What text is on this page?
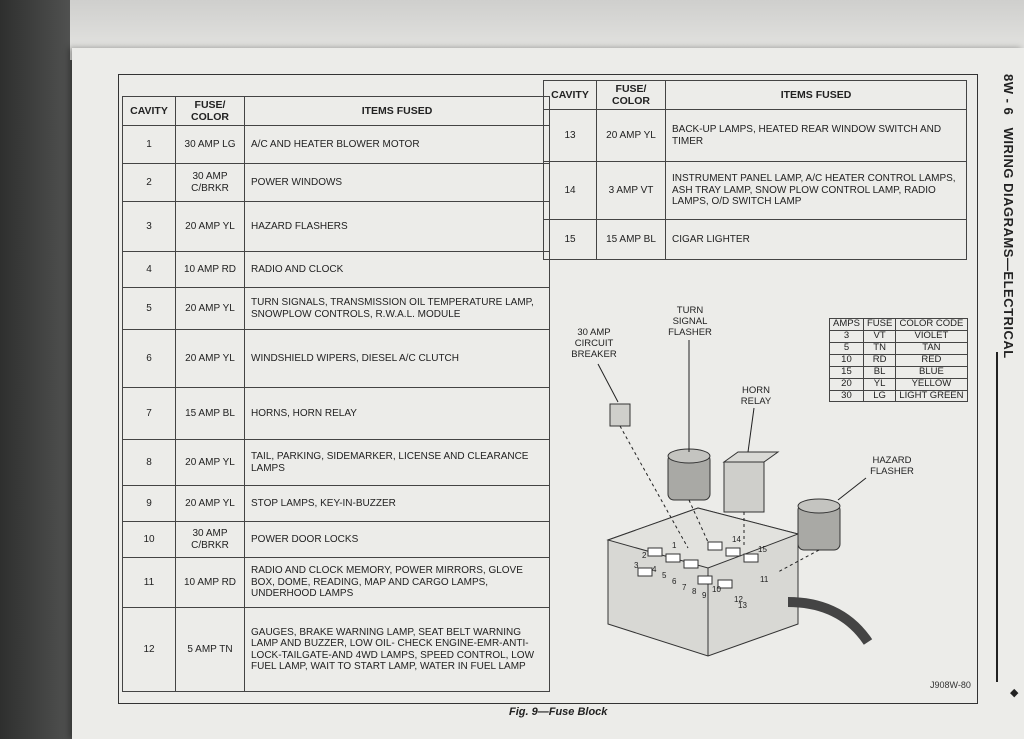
8W - 6   WIRING DIAGRAMS—ELECTRICAL
◆
CAVITY	FUSE/ COLOR	ITEMS FUSED
1	30 AMP LG	A/C AND HEATER BLOWER MOTOR
2	30 AMP C/BRKR	POWER WINDOWS
3	20 AMP YL	HAZARD FLASHERS
4	10 AMP RD	RADIO AND CLOCK
5	20 AMP YL	TURN SIGNALS, TRANSMISSION OIL TEMPERATURE LAMP, SNOWPLOW CONTROLS, R.W.A.L. MODULE
6	20 AMP YL	WINDSHIELD WIPERS, DIESEL A/C CLUTCH
7	15 AMP BL	HORNS, HORN RELAY
8	20 AMP YL	TAIL, PARKING, SIDEMARKER, LICENSE AND CLEARANCE LAMPS
9	20 AMP YL	STOP LAMPS, KEY-IN-BUZZER
10	30 AMP C/BRKR	POWER DOOR LOCKS
11	10 AMP RD	RADIO AND CLOCK MEMORY, POWER MIRRORS, GLOVE BOX, DOME, READING, MAP AND CARGO LAMPS, UNDERHOOD LAMPS
12	5 AMP TN	GAUGES, BRAKE WARNING LAMP, SEAT BELT WARNING LAMP AND BUZZER, LOW OIL- CHECK ENGINE-EMR-ANTI-LOCK-TAILGATE-AND 4WD LAMPS, SPEED CONTROL, LOW FUEL LAMP, WAIT TO START LAMP, WATER IN FUEL LAMP
CAVITY	FUSE/ COLOR	ITEMS FUSED
13	20 AMP YL	BACK-UP LAMPS, HEATED REAR WINDOW SWITCH AND TIMER
14	3 AMP VT	INSTRUMENT PANEL LAMP, A/C HEATER CONTROL LAMPS, ASH TRAY LAMP, SNOW PLOW CONTROL LAMP, RADIO LAMPS, O/D SWITCH LAMP
15	15 AMP BL	CIGAR LIGHTER
2
3 4
5
6
7 8 9
10
12
13
14
15
11
1
30 AMP CIRCUIT BREAKER
TURN SIGNAL FLASHER
HORN RELAY
HAZARD FLASHER
AMPS	FUSE	COLOR CODE
3	VT	VIOLET
5	TN	TAN
10	RD	RED
15	BL	BLUE
20	YL	YELLOW
30	LG	LIGHT GREEN
J908W-80
Fig. 9—Fuse Block
